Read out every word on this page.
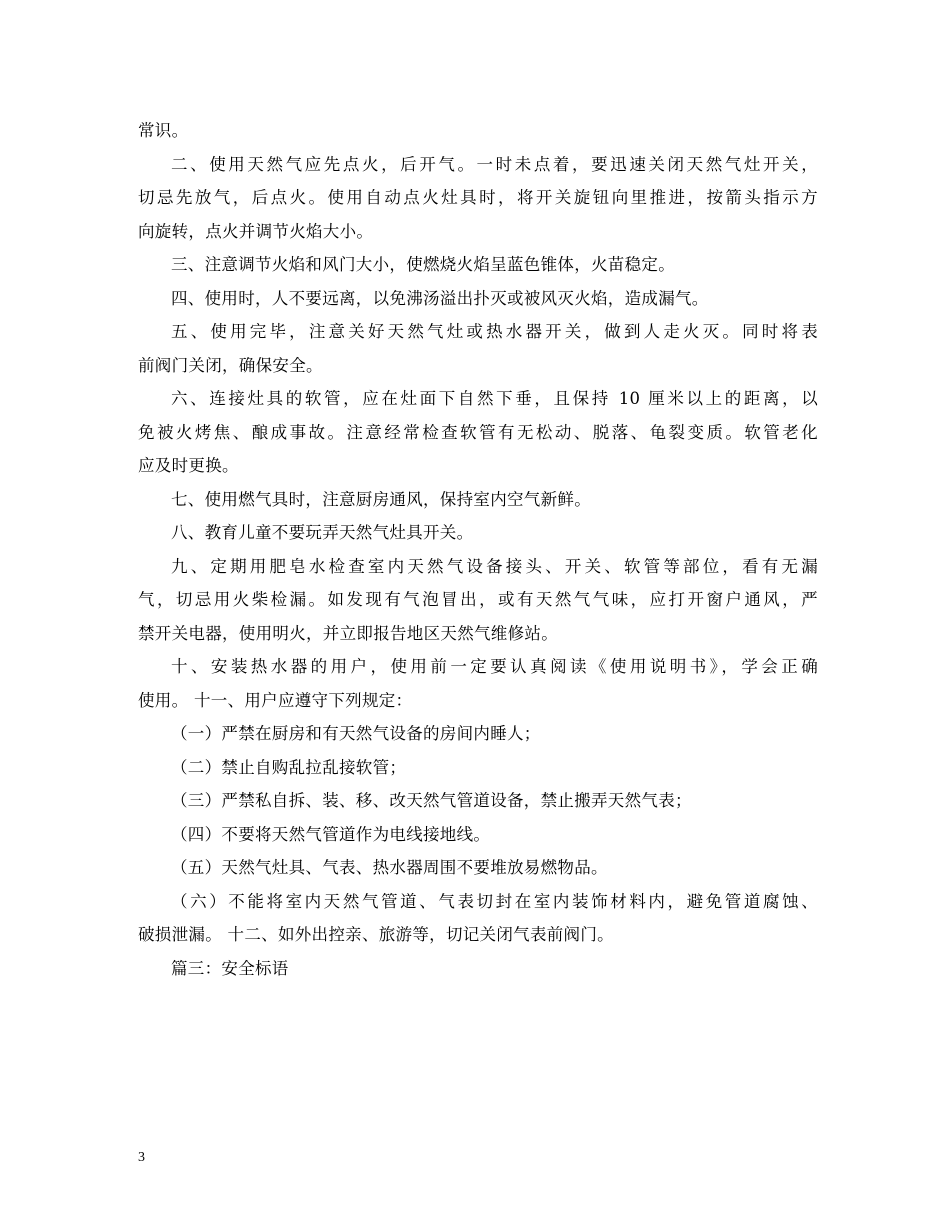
常识。
二、使用天然气应先点火，后开气。一时未点着，要迅速关闭天然气灶开关，
切忌先放气，后点火。使用自动点火灶具时，将开关旋钮向里推进，按箭头指示方
向旋转，点火并调节火焰大小。
三、注意调节火焰和风门大小，使燃烧火焰呈蓝色锥体，火苗稳定。
四、使用时，人不要远离，以免沸汤溢出扑灭或被风灭火焰，造成漏气。
五、使用完毕，注意关好天然气灶或热水器开关，做到人走火灭。同时将表
前阀门关闭，确保安全。
六、连接灶具的软管，应在灶面下自然下垂，且保持 10 厘米以上的距离，以
免被火烤焦、酿成事故。注意经常检查软管有无松动、脱落、龟裂变质。软管老化
应及时更换。
七、使用燃气具时，注意厨房通风，保持室内空气新鲜。
八、教育儿童不要玩弄天然气灶具开关。
九、定期用肥皂水检查室内天然气设备接头、开关、软管等部位，看有无漏
气，切忌用火柴检漏。如发现有气泡冒出，或有天然气气味，应打开窗户通风，严
禁开关电器，使用明火，并立即报告地区天然气维修站。
十、安装热水器的用户，使用前一定要认真阅读《使用说明书》，学会正确
使用。 十一、用户应遵守下列规定：
（一）严禁在厨房和有天然气设备的房间内睡人；
（二）禁止自购乱拉乱接软管；
（三）严禁私自拆、装、移、改天然气管道设备，禁止搬弄天然气表；
（四）不要将天然气管道作为电线接地线。
（五）天然气灶具、气表、热水器周围不要堆放易燃物品。
（六）不能将室内天然气管道、气表切封在室内装饰材料内，避免管道腐蚀、
破损泄漏。 十二、如外出控亲、旅游等，切记关闭气表前阀门。
篇三：安全标语
3
